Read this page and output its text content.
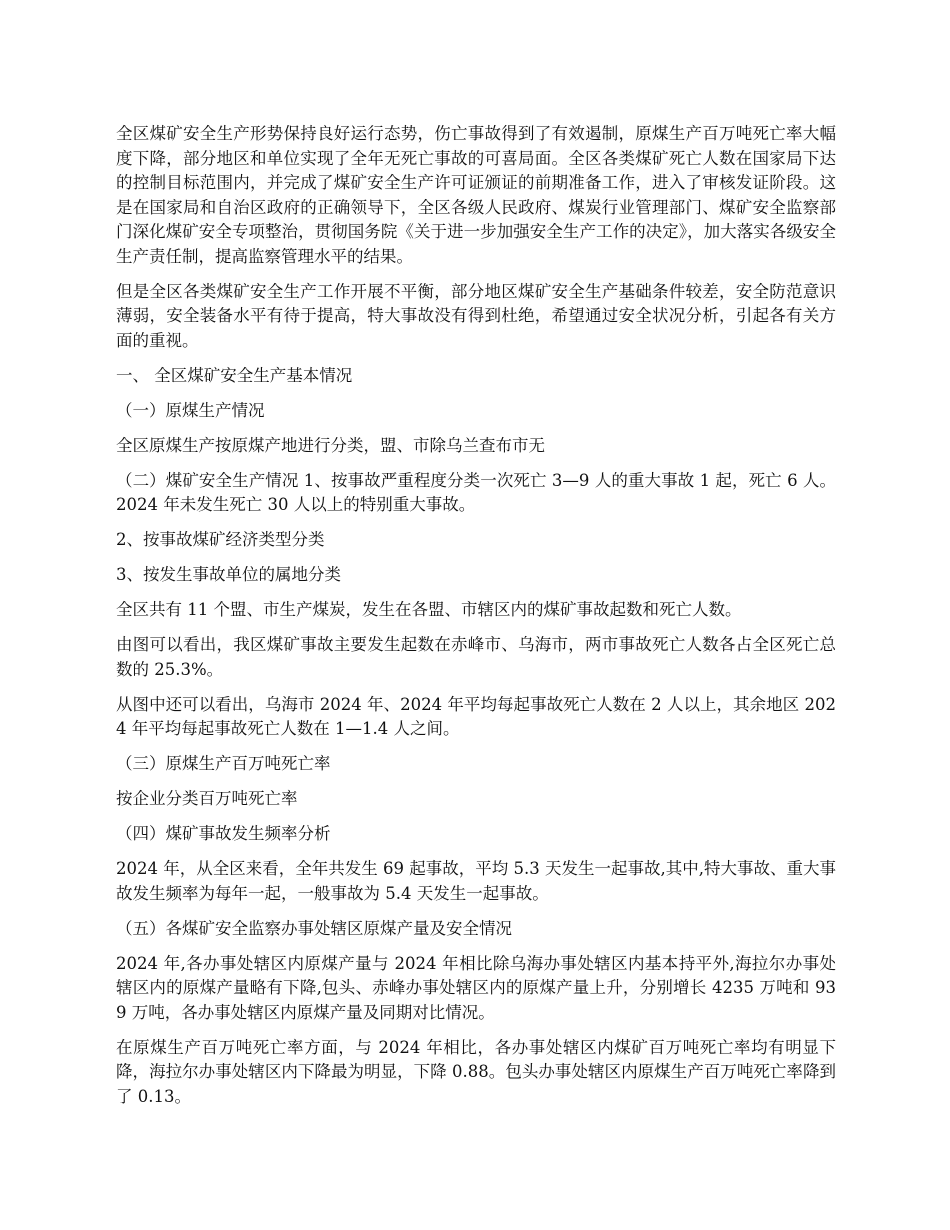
全区煤矿安全生产形势保持良好运行态势，伤亡事故得到了有效遏制，原煤生产百万吨死亡率大幅度下降，部分地区和单位实现了全年无死亡事故的可喜局面。全区各类煤矿死亡人数在国家局下达的控制目标范围内，并完成了煤矿安全生产许可证颁证的前期准备工作，进入了审核发证阶段。这是在国家局和自治区政府的正确领导下，全区各级人民政府、煤炭行业管理部门、煤矿安全监察部门深化煤矿安全专项整治，贯彻国务院《关于进一步加强安全生产工作的决定》，加大落实各级安全生产责任制，提高监察管理水平的结果。

但是全区各类煤矿安全生产工作开展不平衡，部分地区煤矿安全生产基础条件较差，安全防范意识薄弱，安全装备水平有待于提高，特大事故没有得到杜绝，希望通过安全状况分析，引起各有关方面的重视。

一、 全区煤矿安全生产基本情况

（一）原煤生产情况

全区原煤生产按原煤产地进行分类，盟、市除乌兰查布市无

（二）煤矿安全生产情况 1、按事故严重程度分类一次死亡 3—9 人的重大事故 1 起，死亡 6 人。2024 年未发生死亡 30 人以上的特别重大事故。

2、按事故煤矿经济类型分类

3、按发生事故单位的属地分类

全区共有 11 个盟、市生产煤炭，发生在各盟、市辖区内的煤矿事故起数和死亡人数。

由图可以看出，我区煤矿事故主要发生起数在赤峰市、乌海市，两市事故死亡人数各占全区死亡总数的 25.3%。

从图中还可以看出，乌海市 2024 年、2024 年平均每起事故死亡人数在 2 人以上，其余地区 2024 年平均每起事故死亡人数在 1—1.4 人之间。

（三）原煤生产百万吨死亡率

按企业分类百万吨死亡率

（四）煤矿事故发生频率分析

2024 年，从全区来看，全年共发生 69 起事故，平均 5.3 天发生一起事故,其中,特大事故、重大事故发生频率为每年一起，一般事故为 5.4 天发生一起事故。

（五）各煤矿安全监察办事处辖区原煤产量及安全情况

2024 年,各办事处辖区内原煤产量与 2024 年相比除乌海办事处辖区内基本持平外,海拉尔办事处辖区内的原煤产量略有下降,包头、赤峰办事处辖区内的原煤产量上升，分别增长 4235 万吨和 939 万吨，各办事处辖区内原煤产量及同期对比情况。

在原煤生产百万吨死亡率方面，与 2024 年相比，各办事处辖区内煤矿百万吨死亡率均有明显下降，海拉尔办事处辖区内下降最为明显，下降 0.88。包头办事处辖区内原煤生产百万吨死亡率降到了 0.13。
